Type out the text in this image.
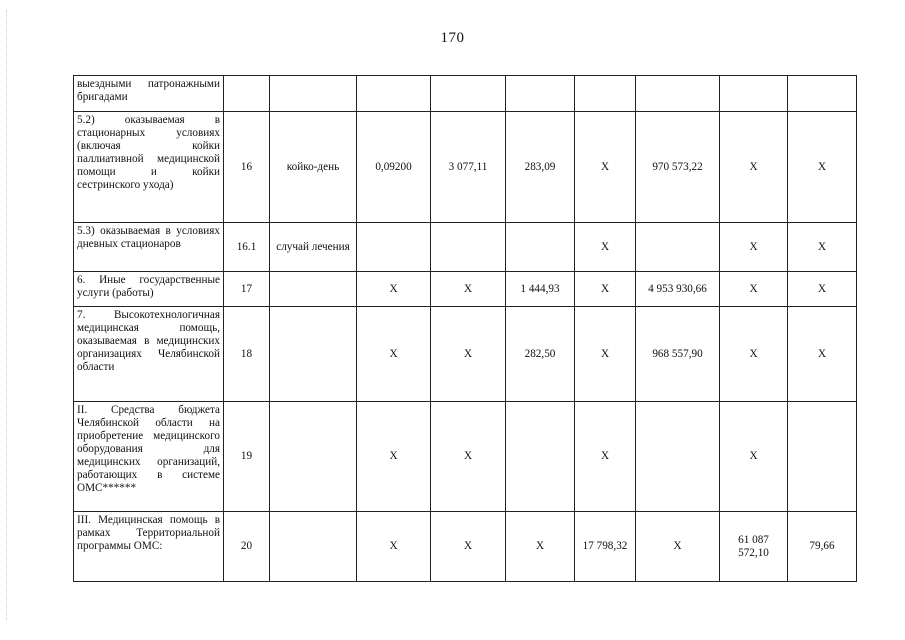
170
выездными патронажными бригадами									
5.2) оказываемая в стационарных условиях (включая койки паллиативной медицинской помощи и койки сестринского ухода)	16	койко-день	0,09200	3 077,11	283,09	Х	970 573,22	Х	Х
5.3) оказываемая в условиях дневных стационаров	16.1	случай лечения				Х		Х	Х
6. Иные государственные услуги (работы)	17		Х	Х	1 444,93	Х	4 953 930,66	Х	Х
7. Высокотехнологичная медицинская помощь, оказываемая в медицинских организациях Челябинской области	18		Х	Х	282,50	Х	968 557,90	Х	Х
II. Средства бюджета Челябинской области на приобретение медицинского оборудования для медицинских организаций, работающих в системе ОМС******	19		Х	Х		Х		Х	
III. Медицинская помощь в рамках Территориальной программы ОМС:	20		Х	Х	Х	17 798,32	Х	61 087 572,10	79,66
